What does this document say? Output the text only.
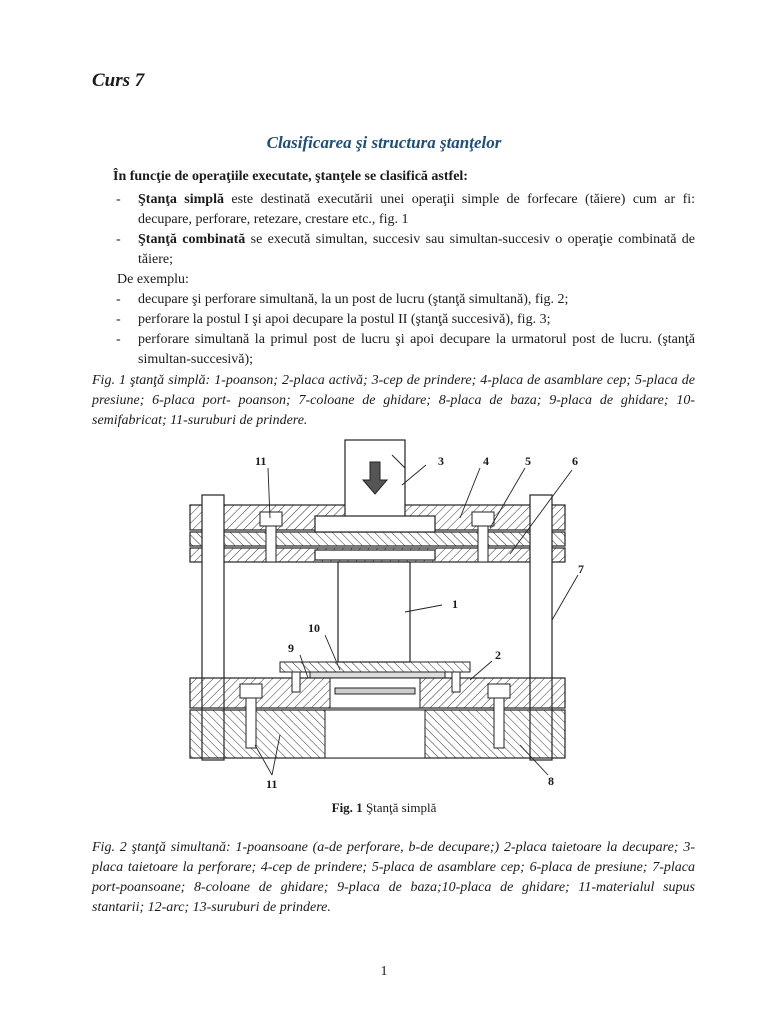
Curs 7
Clasificarea şi structura ştanţelor

În funcţie de operaţiile executate, ştanţele se clasifică astfel:

- Ştanţa simplă este destinată executării unei operaţii simple de forfecare (tăiere) cum ar fi: decupare, perforare, retezare, crestare etc., fig. 1
- Ştanţă combinată se execută simultan, succesiv sau simultan-succesiv o operaţie combinată de tăiere;
De exemplu:
- decupare şi perforare simultană, la un post de lucru (ştanţă simultană), fig. 2;
- perforare la postul I şi apoi decupare la postul II (ştanţă succesivă), fig. 3;
- perforare simultană la primul post de lucru şi apoi decupare la urmatorul post de lucru. (ştanţă simultan-succesivă);

Fig. 1 ştanţă simplă: 1-poanson; 2-placa activă; 3-cep de prindere; 4-placa de asamblare cep; 5-placa de presiune; 6-placa port- poanson; 7-coloane de ghidare; 8-placa de baza; 9-placa de ghidare; 10- semifabricat; 11-suruburi de prindere.

11	3	4	5	6
7
1
10
9	2
11	8
Fig. 1 Ştanţă simplă

Fig. 2 ştanţă simultană: 1-poansoane (a-de perforare, b-de decupare;) 2-placa taietoare la decupare; 3-placa taietoare la perforare; 4-cep de prindere; 5-placa de asamblare cep; 6-placa de presiune; 7-placa port-poansoane; 8-coloane de ghidare; 9-placa de baza;10-placa de ghidare; 11-materialul supus stantarii; 12-arc; 13-suruburi de prindere.

1
